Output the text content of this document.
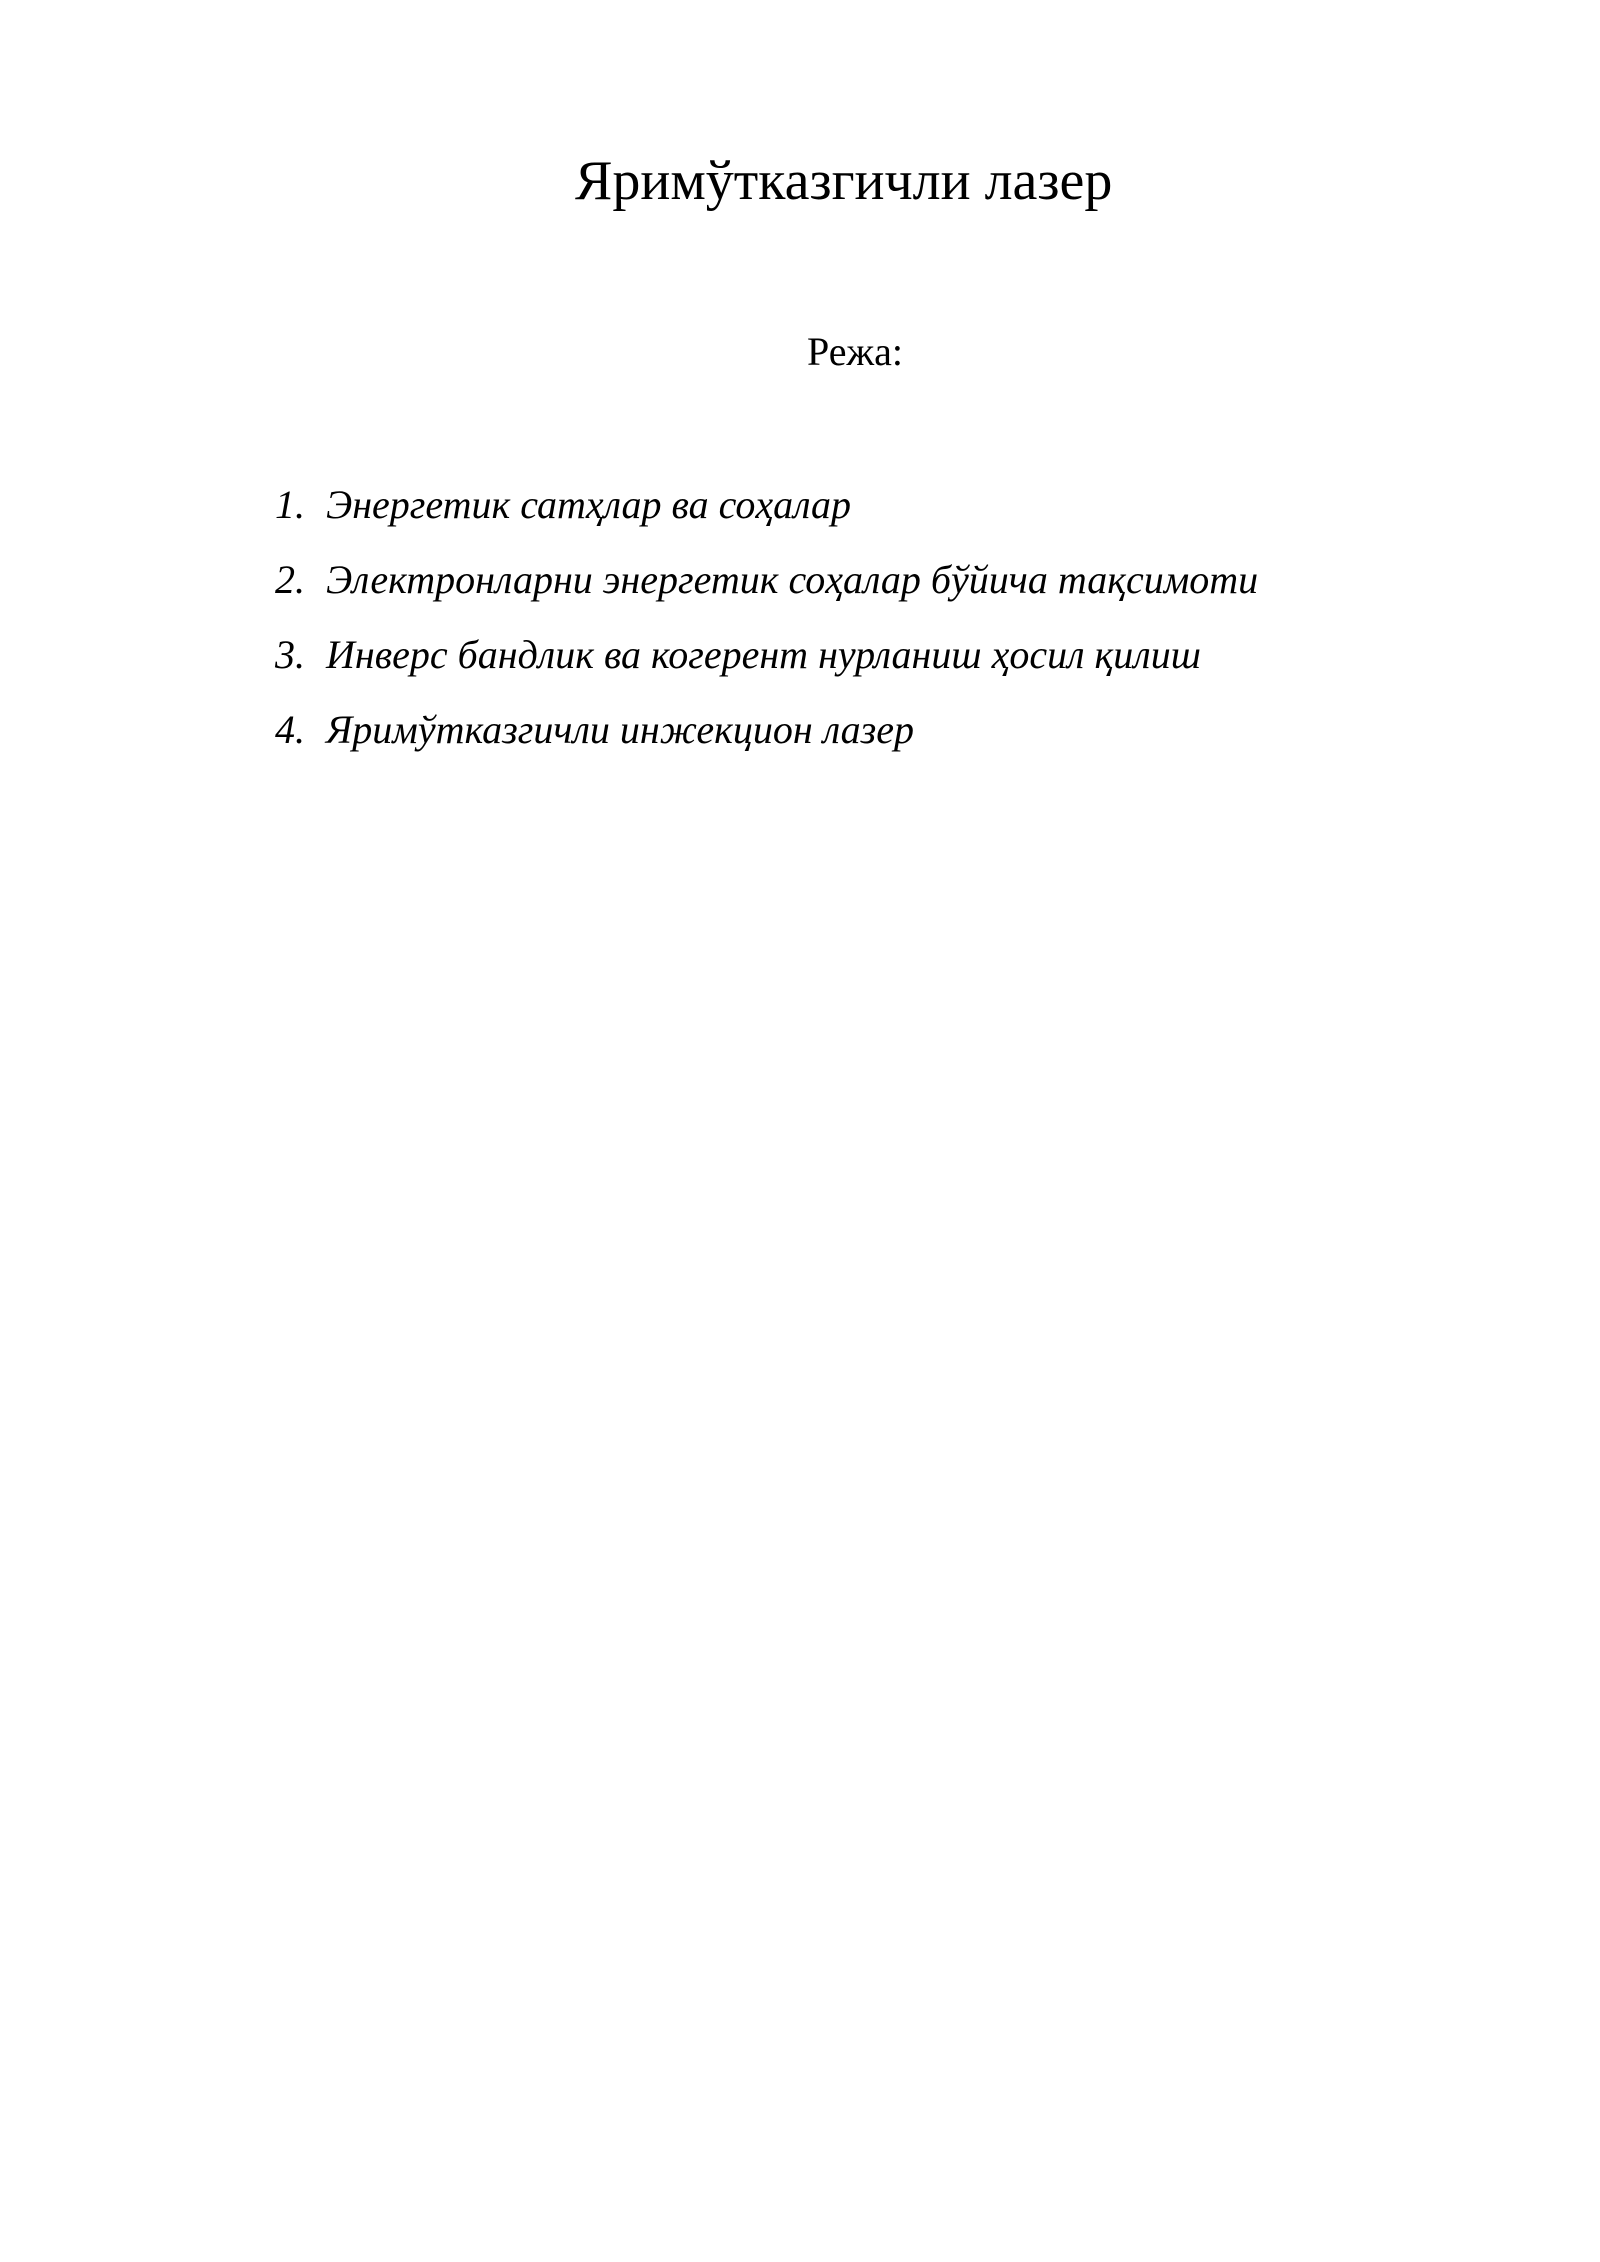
Яримўтказгичли лазер
Режа:
1. Энергетик сатҳлар ва соҳалар
2. Электронларни энергетик соҳалар бўйича тақсимоти
3. Инверс бандлик ва когерент нурланиш ҳосил қилиш
4. Яримўтказгичли инжекцион лазер
